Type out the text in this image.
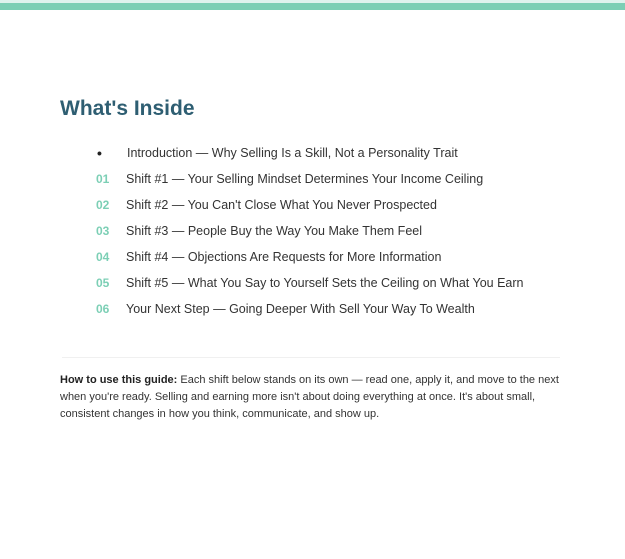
What's Inside
•	Introduction — Why Selling Is a Skill, Not a Personality Trait
01	Shift #1 — Your Selling Mindset Determines Your Income Ceiling
02	Shift #2 — You Can't Close What You Never Prospected
03	Shift #3 — People Buy the Way You Make Them Feel
04	Shift #4 — Objections Are Requests for More Information
05	Shift #5 — What You Say to Yourself Sets the Ceiling on What You Earn
06	Your Next Step — Going Deeper With Sell Your Way To Wealth

How to use this guide: Each shift below stands on its own — read one, apply it, and move to the next when you're ready. Selling and earning more isn't about doing everything at once. It's about small, consistent changes in how you think, communicate, and show up.
